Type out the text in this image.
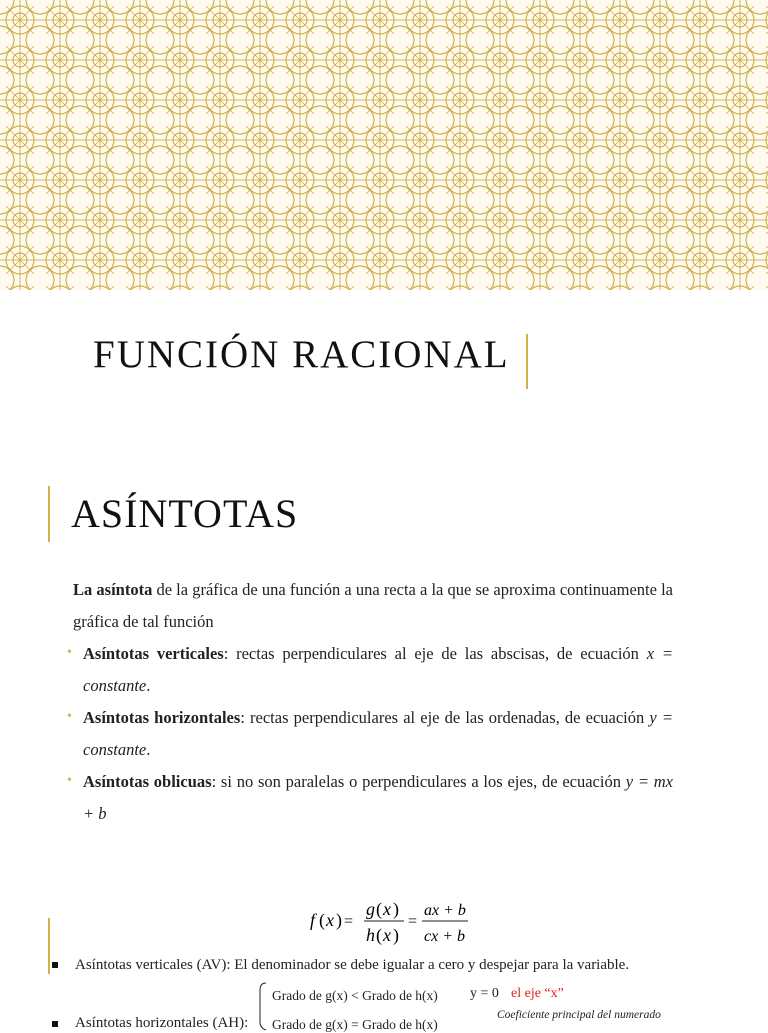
FUNCIÓN RACIONAL
ASÍNTOTAS
La asíntota de la gráfica de una función a una recta a la que se aproxima continuamente la gráfica de tal función
• Asíntotas verticales: rectas perpendiculares al eje de las abscisas, de ecuación x = constante.
• Asíntotas horizontales: rectas perpendiculares al eje de las ordenadas, de ecuación y = constante.
• Asíntotas oblicuas: si no son paralelas o perpendiculares a los ejes, de ecuación y = mx + b
f ( x ) =
g ( x )
h ( x )
=
ax + b
cx + b
Asíntotas verticales (AV): El denominador se debe igualar a cero y despejar para la variable.
Grado de g(x) < Grado de h(x) y = 0 el eje “x”
Asíntotas horizontales (AH): Grado de g(x) = Grado de h(x)
Coeficiente principal del numerado
